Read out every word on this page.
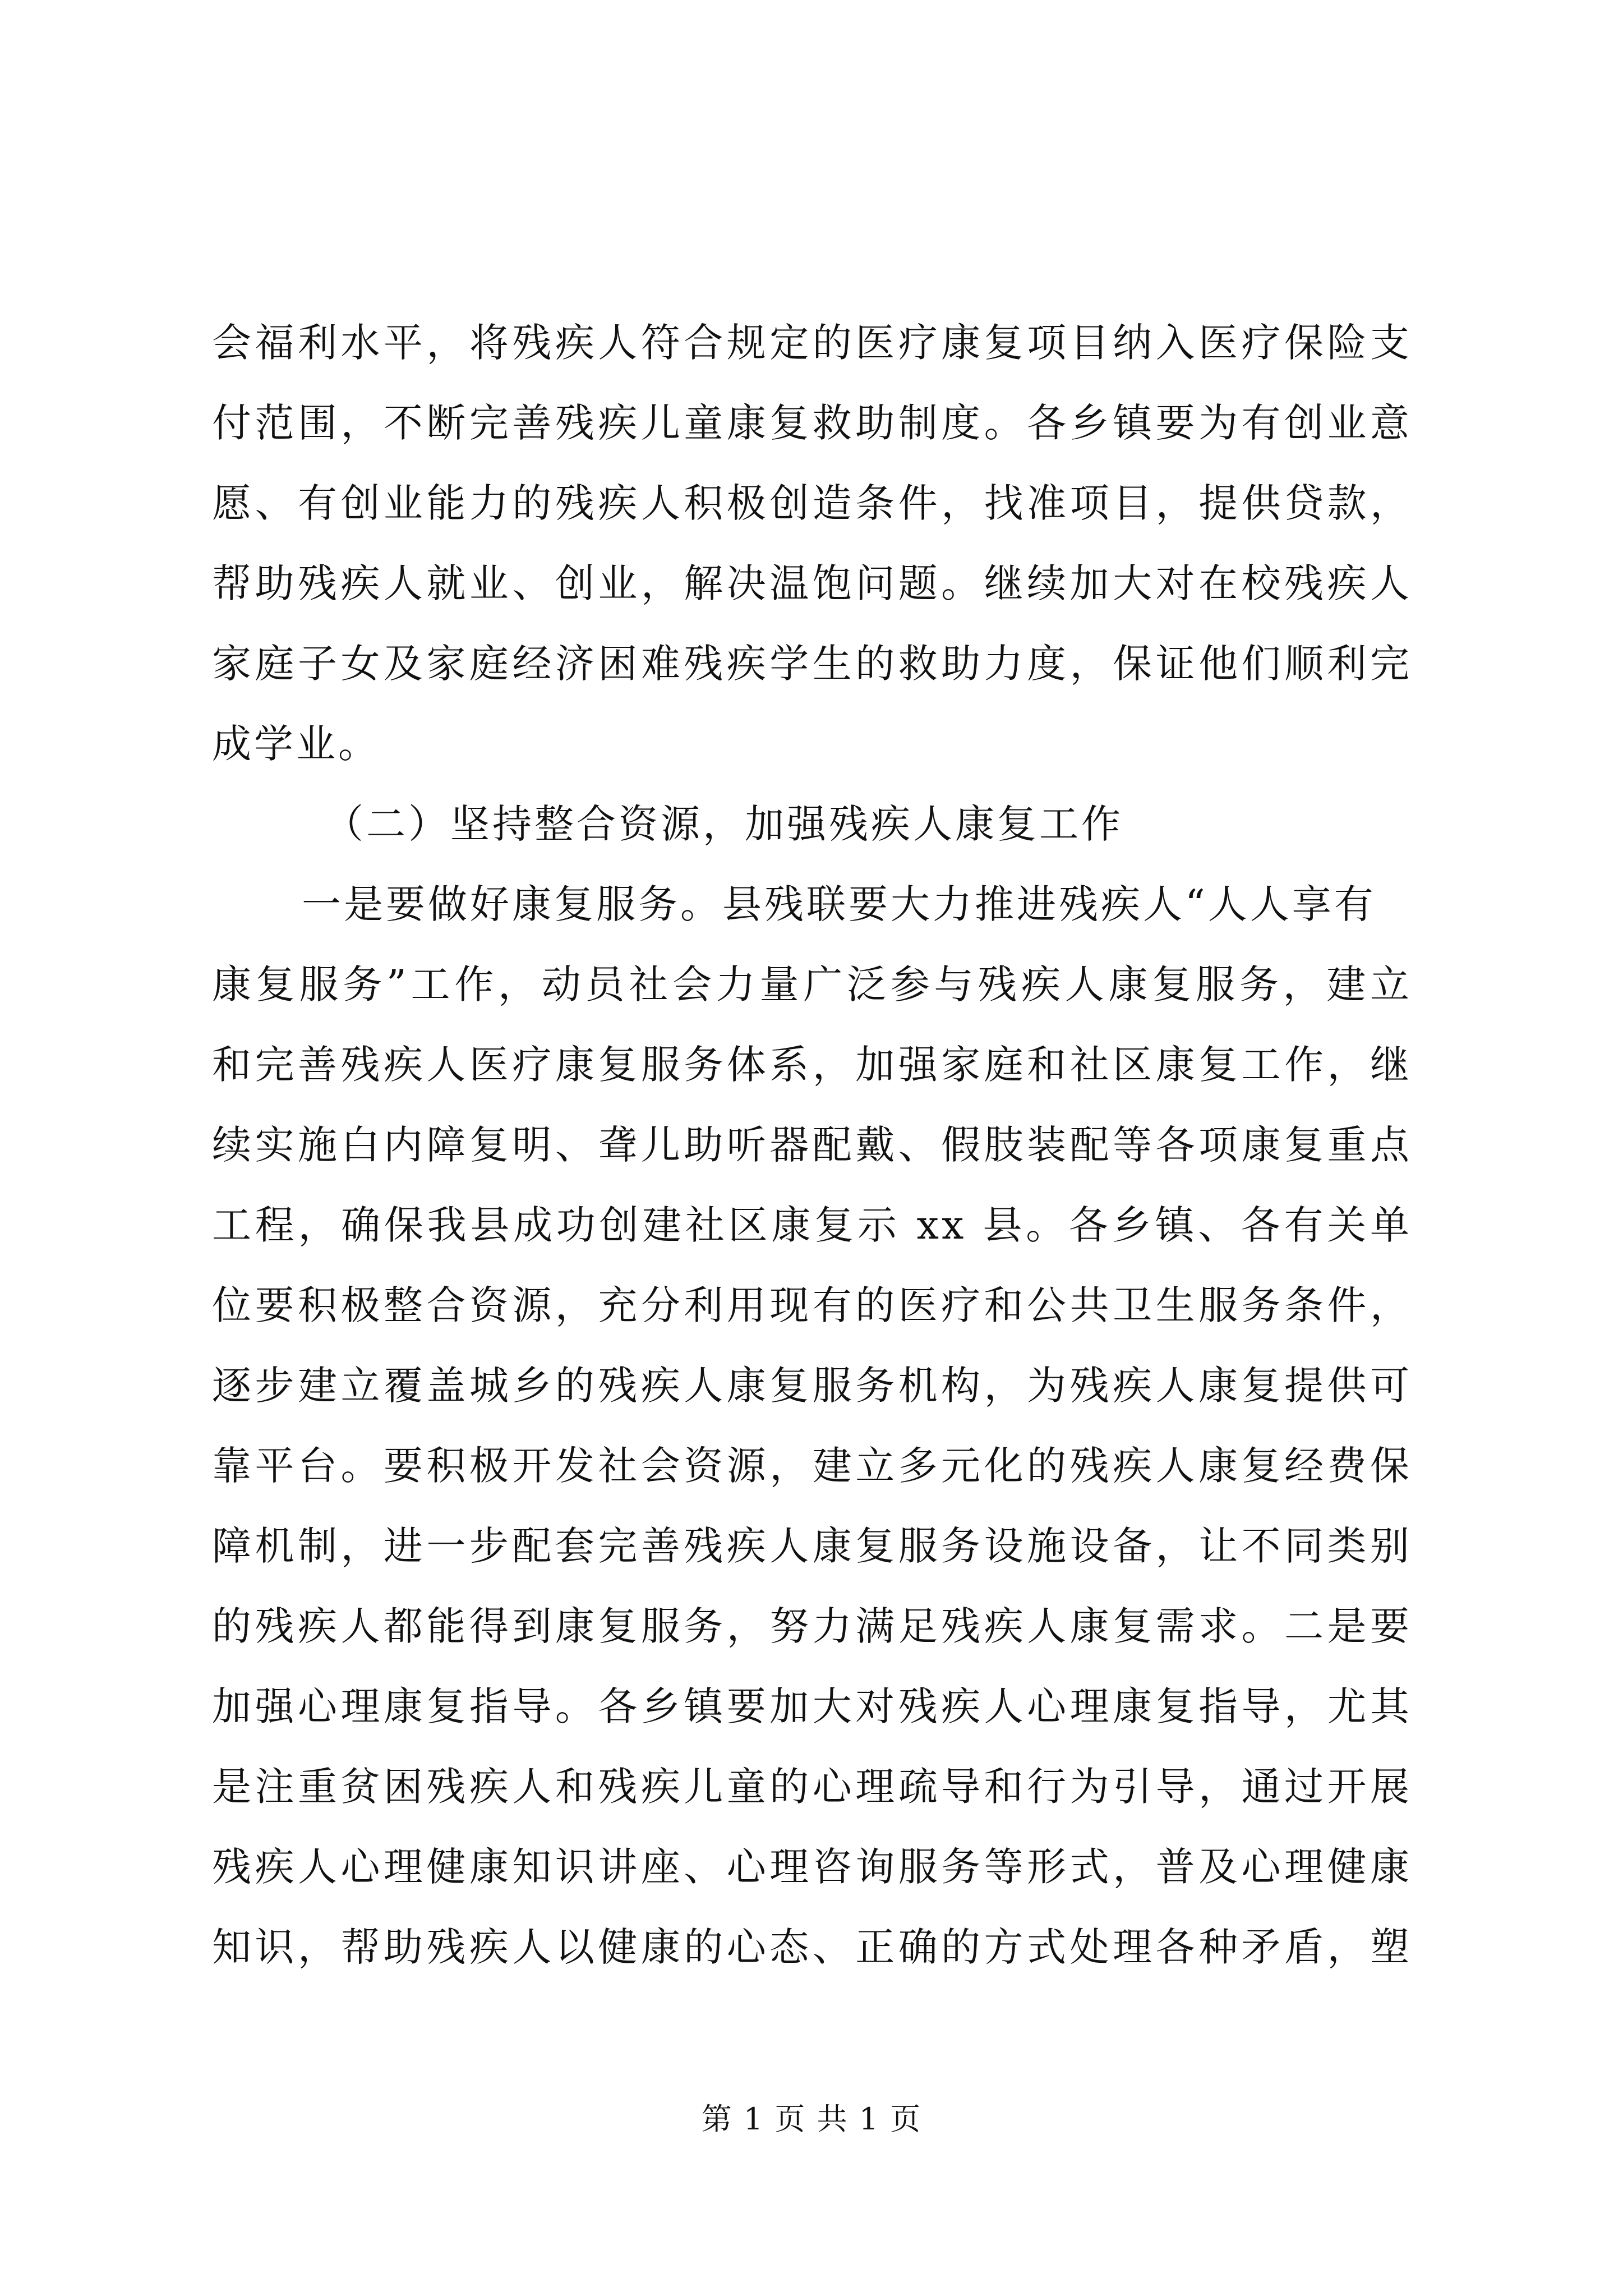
会福利水平，将残疾人符合规定的医疗康复项目纳入医疗保险支
付范围，不断完善残疾儿童康复救助制度。各乡镇要为有创业意
愿、有创业能力的残疾人积极创造条件，找准项目，提供贷款，
帮助残疾人就业、创业，解决温饱问题。继续加大对在校残疾人
家庭子女及家庭经济困难残疾学生的救助力度，保证他们顺利完
成学业。
（二）坚持整合资源，加强残疾人康复工作
一是要做好康复服务。县残联要大力推进残疾人“人人享有
康复服务”工作，动员社会力量广泛参与残疾人康复服务，建立
和完善残疾人医疗康复服务体系，加强家庭和社区康复工作，继
续实施白内障复明、聋儿助听器配戴、假肢装配等各项康复重点
工程，确保我县成功创建社区康复示 xx 县。各乡镇、各有关单
位要积极整合资源，充分利用现有的医疗和公共卫生服务条件，
逐步建立覆盖城乡的残疾人康复服务机构，为残疾人康复提供可
靠平台。要积极开发社会资源，建立多元化的残疾人康复经费保
障机制，进一步配套完善残疾人康复服务设施设备，让不同类别
的残疾人都能得到康复服务，努力满足残疾人康复需求。二是要
加强心理康复指导。各乡镇要加大对残疾人心理康复指导，尤其
是注重贫困残疾人和残疾儿童的心理疏导和行为引导，通过开展
残疾人心理健康知识讲座、心理咨询服务等形式，普及心理健康
知识，帮助残疾人以健康的心态、正确的方式处理各种矛盾，塑
第 1 页 共 1 页
